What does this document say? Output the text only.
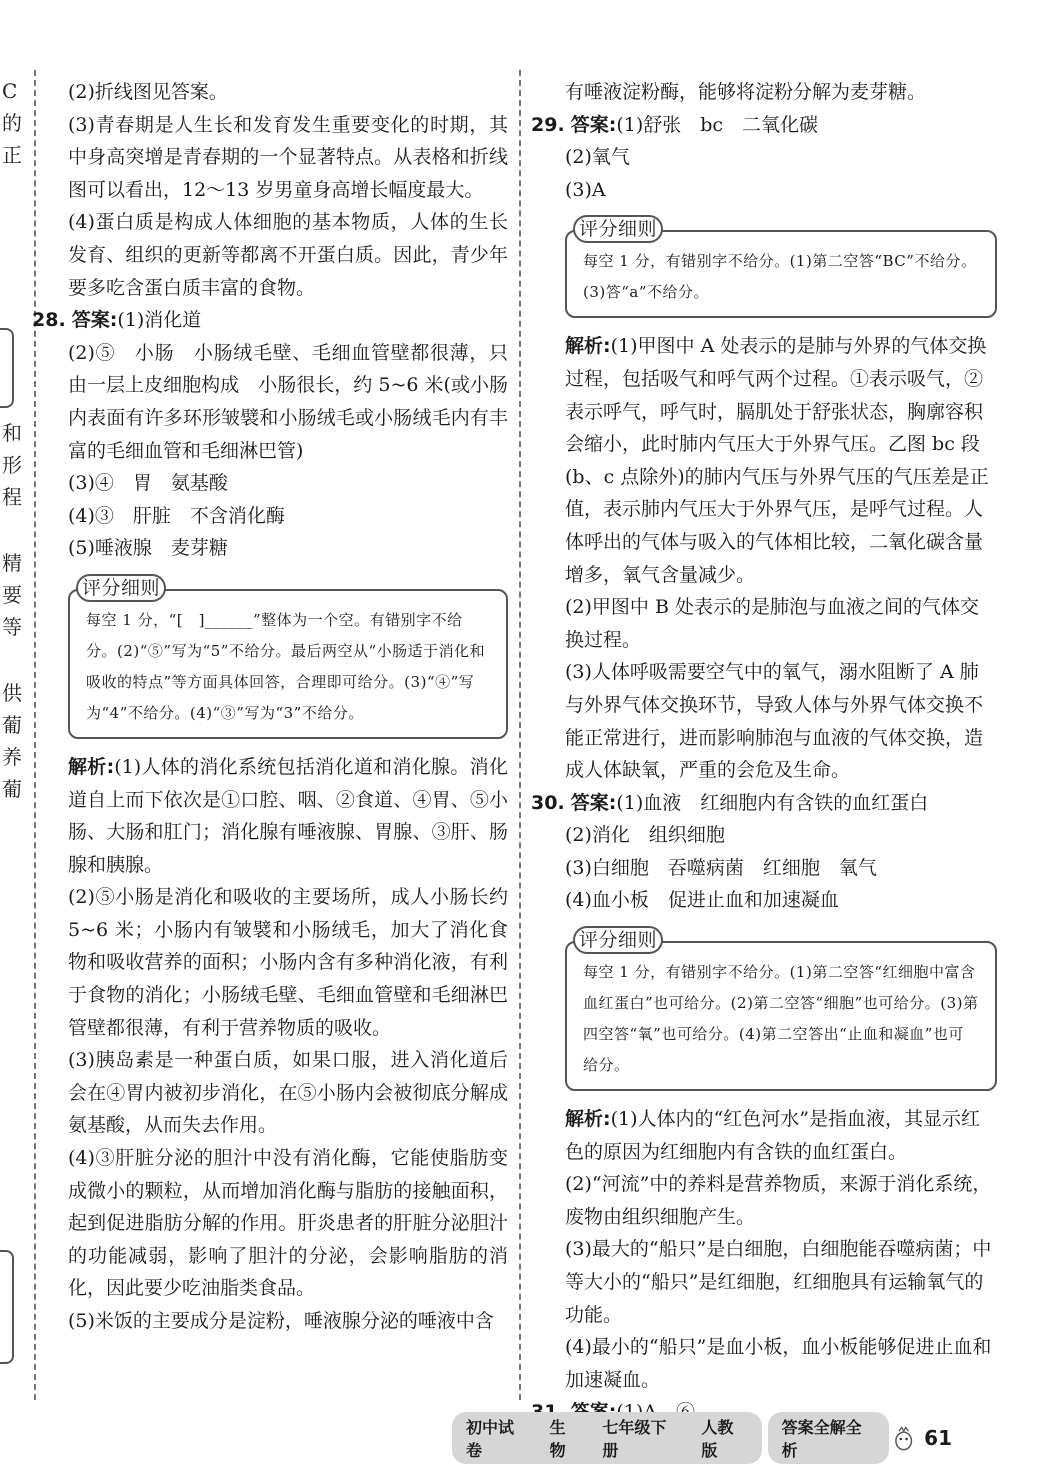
C
的
正
和
形
程
精
要
等
供
葡
养
葡

(2)折线图见答案。

(3)青春期是人生长和发育发生重要变化的时期，其中身高突增是青春期的一个显著特点。从表格和折线图可以看出，12～13 岁男童身高增长幅度最大。

(4)蛋白质是构成人体细胞的基本物质，人体的生长发育、组织的更新等都离不开蛋白质。因此，青少年要多吃含蛋白质丰富的食物。

28. 答案:(1)消化道

(2)⑤　小肠　小肠绒毛壁、毛细血管壁都很薄，只由一层上皮细胞构成　小肠很长，约 5~6 米(或小肠内表面有许多环形皱襞和小肠绒毛或小肠绒毛内有丰富的毛细血管和毛细淋巴管)

(3)④　胃　氨基酸

(4)③　肝脏　不含消化酶

(5)唾液腺　麦芽糖

评分细则
每空 1 分，“[　]______”整体为一个空。有错别字不给分。(2)“⑤”写为“5”不给分。最后两空从“小肠适于消化和吸收的特点”等方面具体回答，合理即可给分。(3)“④”写为“4”不给分。(4)“③”写为“3”不给分。

解析:(1)人体的消化系统包括消化道和消化腺。消化道自上而下依次是①口腔、咽、②食道、④胃、⑤小肠、大肠和肛门；消化腺有唾液腺、胃腺、③肝、肠腺和胰腺。

(2)⑤小肠是消化和吸收的主要场所，成人小肠长约 5~6 米；小肠内有皱襞和小肠绒毛，加大了消化食物和吸收营养的面积；小肠内含有多种消化液，有利于食物的消化；小肠绒毛壁、毛细血管壁和毛细淋巴管壁都很薄，有利于营养物质的吸收。

(3)胰岛素是一种蛋白质，如果口服，进入消化道后会在④胃内被初步消化，在⑤小肠内会被彻底分解成氨基酸，从而失去作用。

(4)③肝脏分泌的胆汁中没有消化酶，它能使脂肪变成微小的颗粒，从而增加消化酶与脂肪的接触面积，起到促进脂肪分解的作用。肝炎患者的肝脏分泌胆汁的功能减弱，影响了胆汁的分泌，会影响脂肪的消化，因此要少吃油脂类食品。

(5)米饭的主要成分是淀粉，唾液腺分泌的唾液中含

有唾液淀粉酶，能够将淀粉分解为麦芽糖。

29. 答案:(1)舒张　bc　二氧化碳

(2)氧气

(3)A

评分细则
每空 1 分，有错别字不给分。(1)第二空答“BC”不给分。(3)答“a”不给分。

解析:(1)甲图中 A 处表示的是肺与外界的气体交换过程，包括吸气和呼气两个过程。①表示吸气，②表示呼气，呼气时，膈肌处于舒张状态，胸廓容积会缩小，此时肺内气压大于外界气压。乙图 bc 段(b、c 点除外)的肺内气压与外界气压的气压差是正值，表示肺内气压大于外界气压，是呼气过程。人体呼出的气体与吸入的气体相比较，二氧化碳含量增多，氧气含量减少。

(2)甲图中 B 处表示的是肺泡与血液之间的气体交换过程。

(3)人体呼吸需要空气中的氧气，溺水阻断了 A 肺与外界气体交换环节，导致人体与外界气体交换不能正常进行，进而影响肺泡与血液的气体交换，造成人体缺氧，严重的会危及生命。

30. 答案:(1)血液　红细胞内有含铁的血红蛋白

(2)消化　组织细胞

(3)白细胞　吞噬病菌　红细胞　氧气

(4)血小板　促进止血和加速凝血

评分细则
每空 1 分，有错别字不给分。(1)第二空答“红细胞中富含血红蛋白”也可给分。(2)第二空答“细胞”也可给分。(3)第四空答“氧”也可给分。(4)第二空答出“止血和凝血”也可给分。

解析:(1)人体内的“红色河水”是指血液，其显示红色的原因为红细胞内有含铁的血红蛋白。

(2)“河流”中的养料是营养物质，来源于消化系统，废物由组织细胞产生。

(3)最大的“船只”是白细胞，白细胞能吞噬病菌；中等大小的“船只”是红细胞，红细胞具有运输氧气的功能。

(4)最小的“船只”是血小板，血小板能够促进止血和加速凝血。

初中试卷
生物
七年级下册
人教版
答案全解全析
61
